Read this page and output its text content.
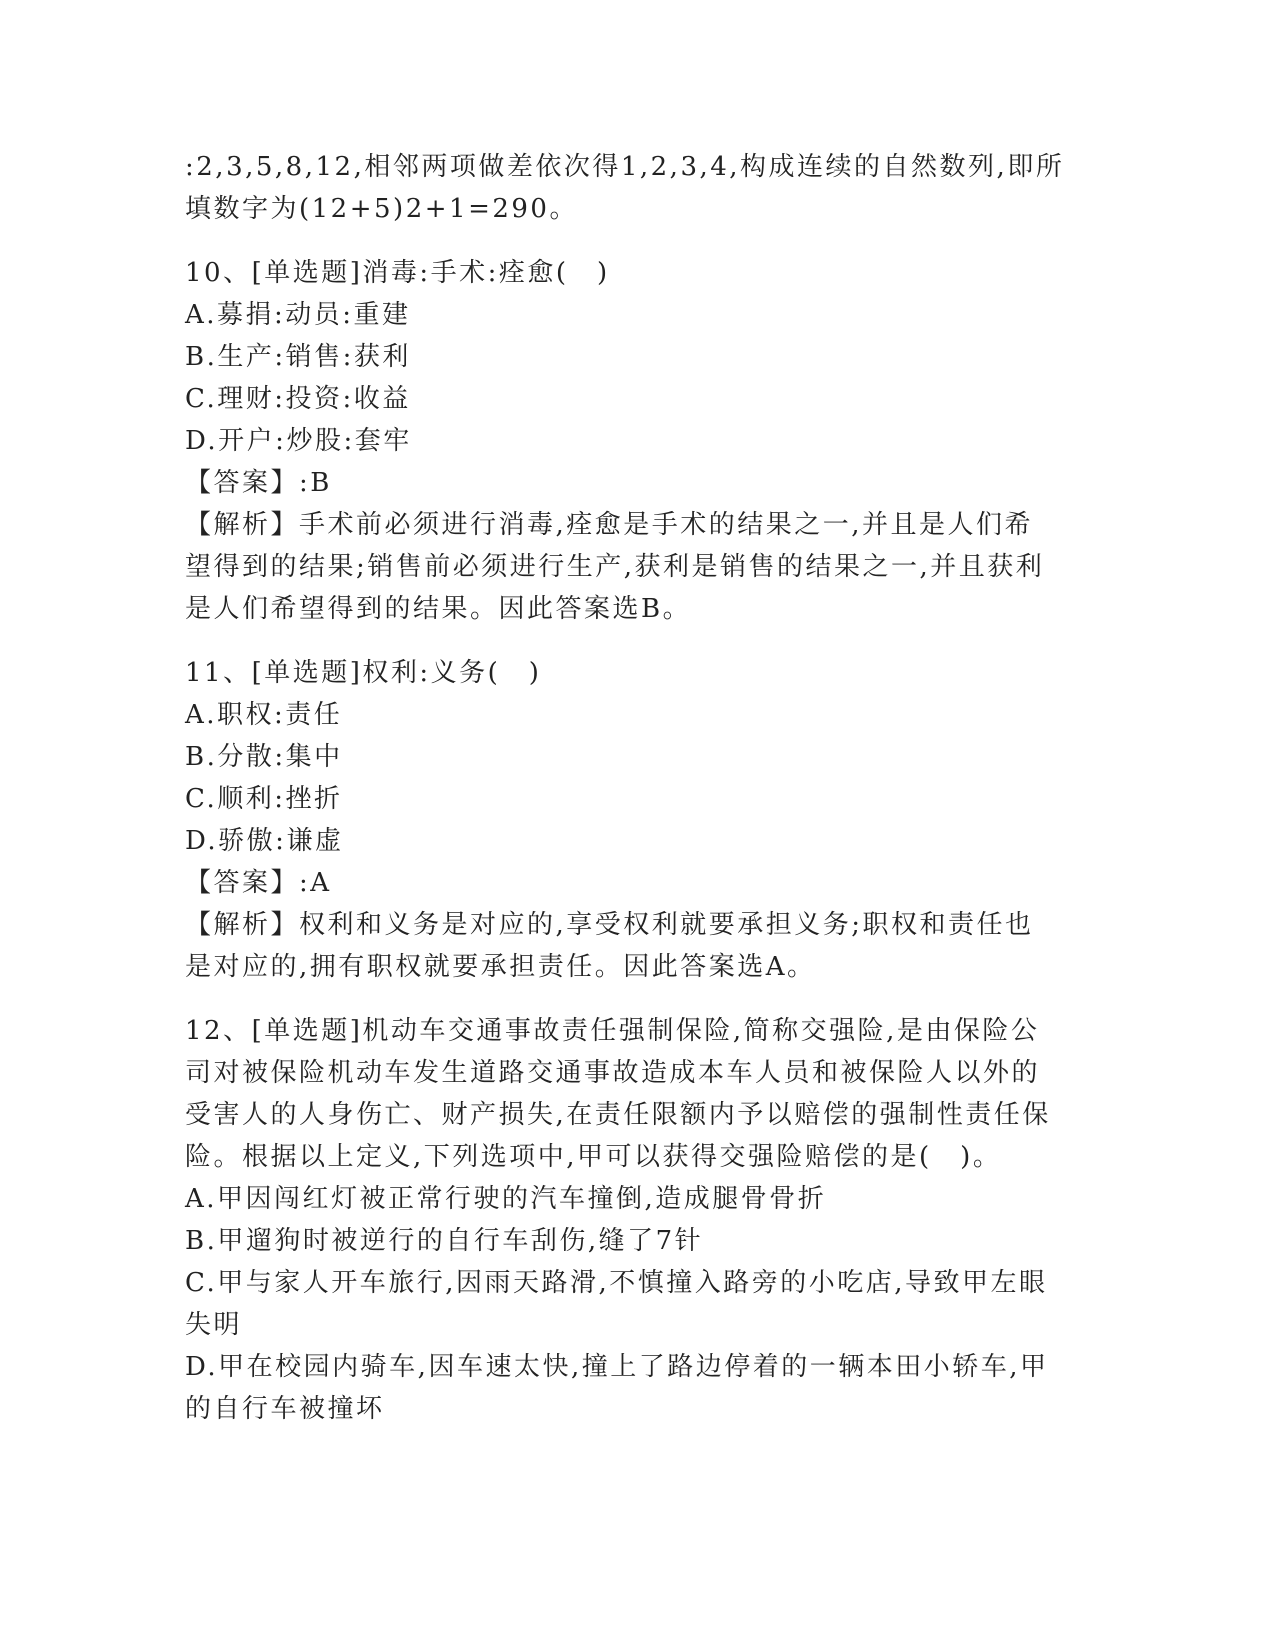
:2,3,5,8,12,相邻两项做差依次得1,2,3,4,构成连续的自然数列,即所
填数字为(12+5)2+1=290。
10、[单选题]消毒:手术:痊愈(　)
A.募捐:动员:重建
B.生产:销售:获利
C.理财:投资:收益
D.开户:炒股:套牢
【答案】:B
【解析】手术前必须进行消毒,痊愈是手术的结果之一,并且是人们希
望得到的结果;销售前必须进行生产,获利是销售的结果之一,并且获利
是人们希望得到的结果。因此答案选B。
11、[单选题]权利:义务(　)
A.职权:责任
B.分散:集中
C.顺利:挫折
D.骄傲:谦虚
【答案】:A
【解析】权利和义务是对应的,享受权利就要承担义务;职权和责任也
是对应的,拥有职权就要承担责任。因此答案选A。
12、[单选题]机动车交通事故责任强制保险,简称交强险,是由保险公
司对被保险机动车发生道路交通事故造成本车人员和被保险人以外的
受害人的人身伤亡、财产损失,在责任限额内予以赔偿的强制性责任保
险。根据以上定义,下列选项中,甲可以获得交强险赔偿的是(　)。
A.甲因闯红灯被正常行驶的汽车撞倒,造成腿骨骨折
B.甲遛狗时被逆行的自行车刮伤,缝了7针
C.甲与家人开车旅行,因雨天路滑,不慎撞入路旁的小吃店,导致甲左眼
失明
D.甲在校园内骑车,因车速太快,撞上了路边停着的一辆本田小轿车,甲
的自行车被撞坏
